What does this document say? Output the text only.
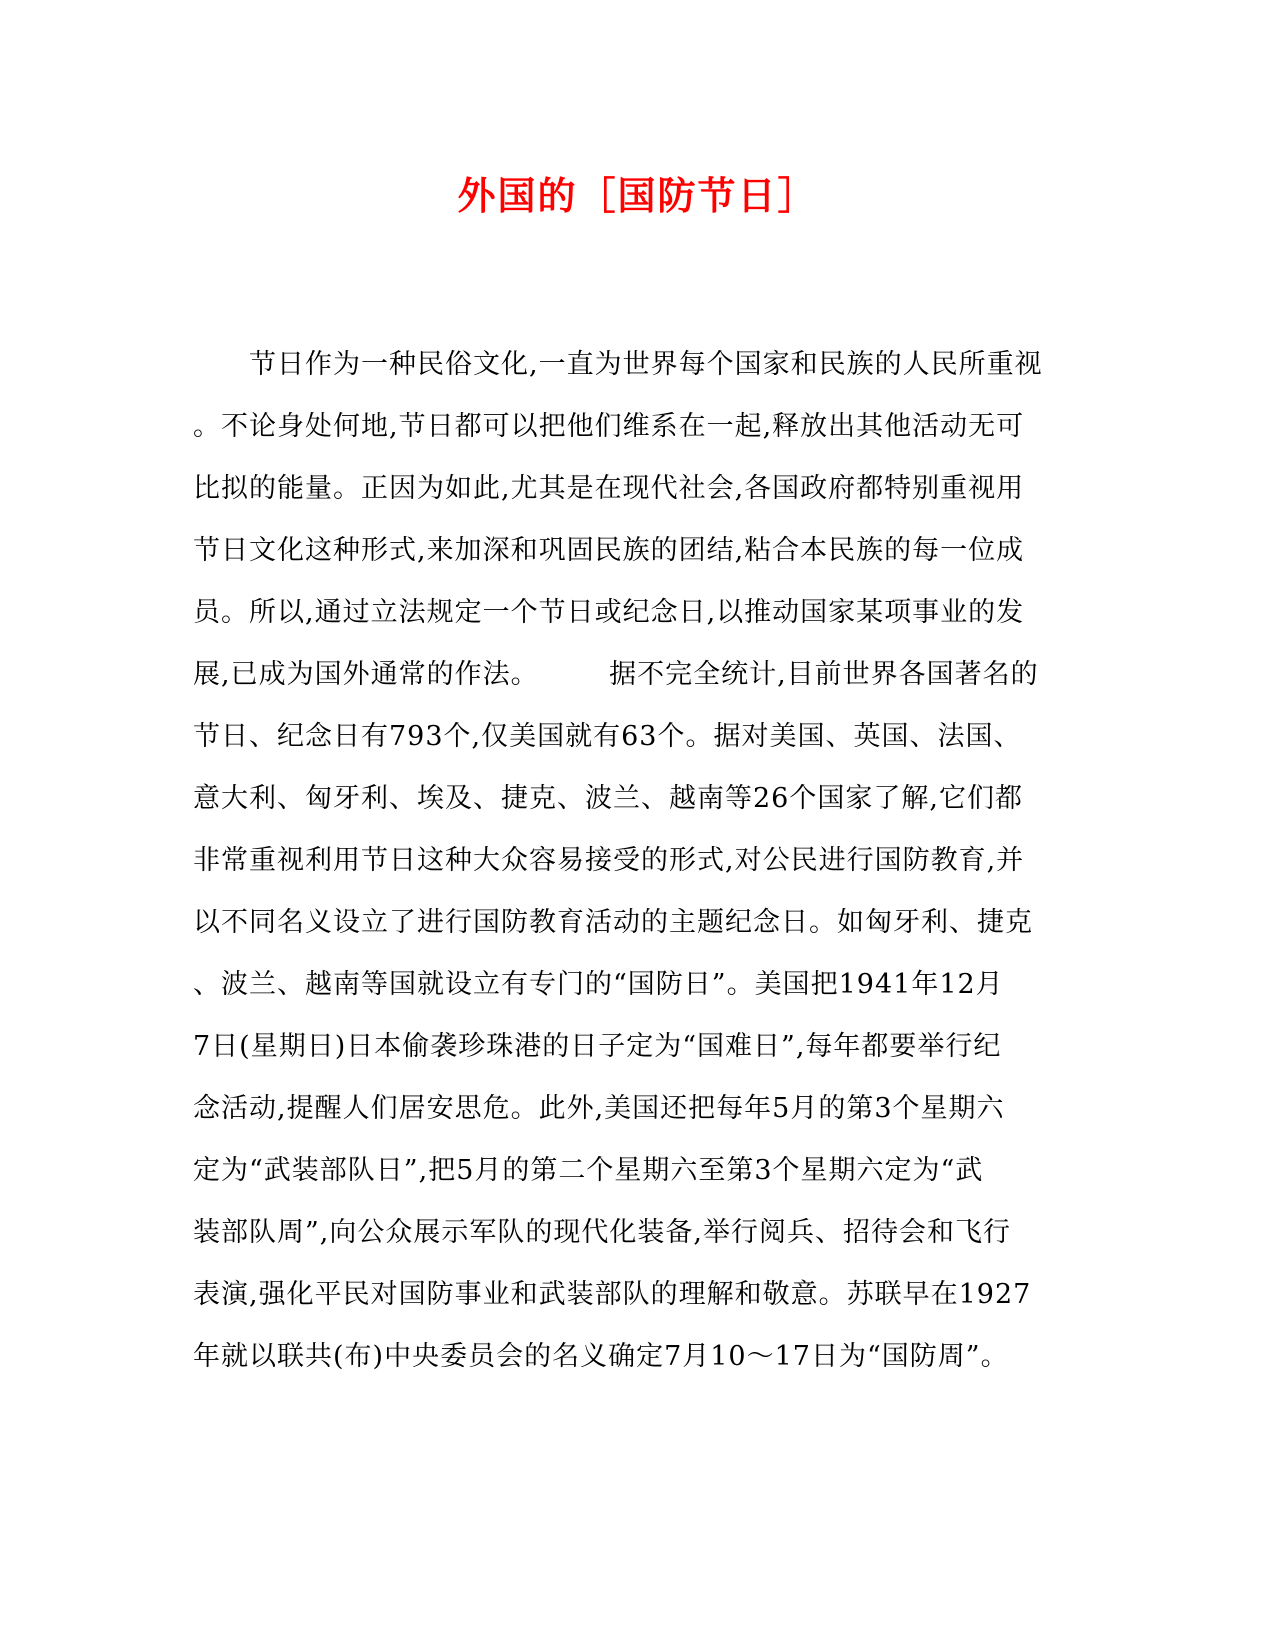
外国的［国防节日］
　　节日作为一种民俗文化,一直为世界每个国家和民族的人民所重视
。不论身处何地,节日都可以把他们维系在一起,释放出其他活动无可
比拟的能量。正因为如此,尤其是在现代社会,各国政府都特别重视用
节日文化这种形式,来加深和巩固民族的团结,粘合本民族的每一位成
员。所以,通过立法规定一个节日或纪念日,以推动国家某项事业的发
展,已成为国外通常的作法。　　　据不完全统计,目前世界各国著名的
节日、纪念日有793个,仅美国就有63个。据对美国、英国、法国、
意大利、匈牙利、埃及、捷克、波兰、越南等26个国家了解,它们都
非常重视利用节日这种大众容易接受的形式,对公民进行国防教育,并
以不同名义设立了进行国防教育活动的主题纪念日。如匈牙利、捷克
、波兰、越南等国就设立有专门的“国防日”。美国把1941年12月
7日(星期日)日本偷袭珍珠港的日子定为“国难日”,每年都要举行纪
念活动,提醒人们居安思危。此外,美国还把每年5月的第3个星期六
定为“武装部队日”,把5月的第二个星期六至第3个星期六定为“武
装部队周”,向公众展示军队的现代化装备,举行阅兵、招待会和飞行
表演,强化平民对国防事业和武装部队的理解和敬意。苏联早在1927
年就以联共(布)中央委员会的名义确定7月10～17日为“国防周”。
